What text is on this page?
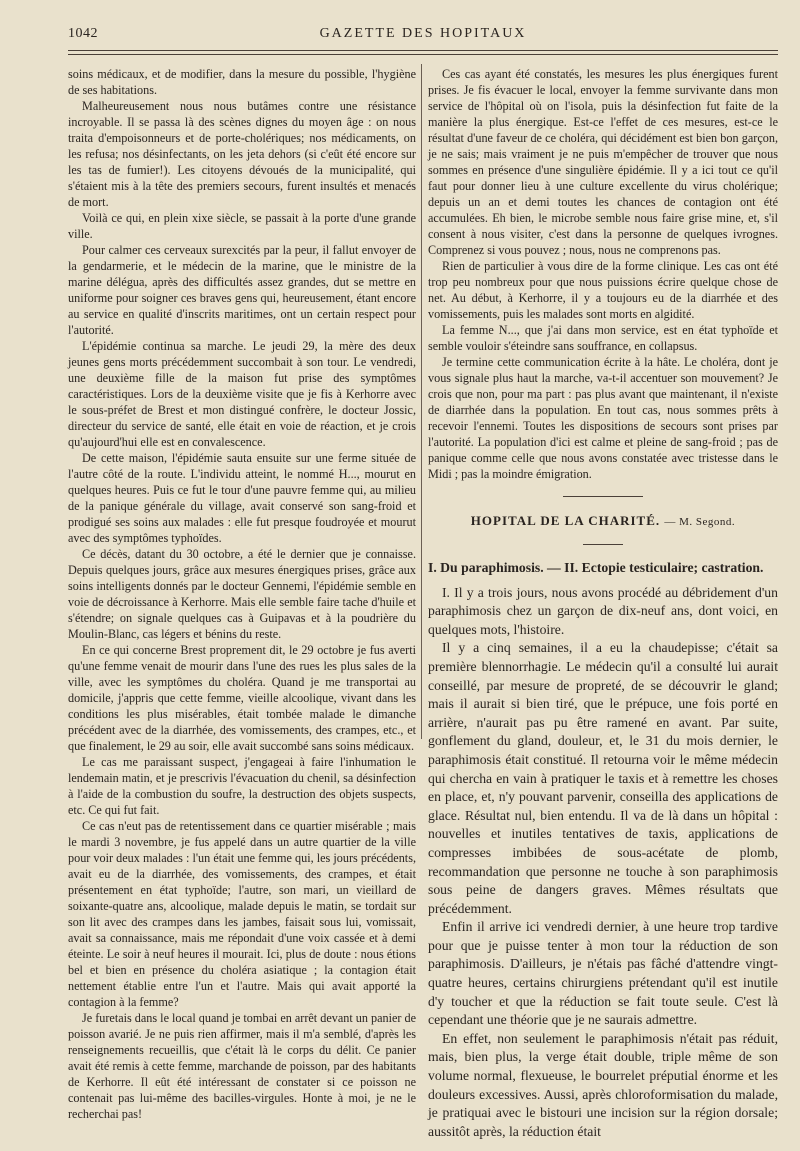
1042	GAZETTE DES HOPITAUX

soins médicaux, et de modifier, dans la mesure du possible, l'hygiène de ses habitations.

Malheureusement nous nous butâmes contre une résistance incroyable. Il se passa là des scènes dignes du moyen âge : on nous traita d'empoisonneurs et de porte-cholériques; nos médicaments, on les refusa; nos désinfectants, on les jeta dehors (si c'eût été encore sur les tas de fumier!). Les citoyens dévoués de la municipalité, qui s'étaient mis à la tête des premiers secours, furent insultés et menacés de mort.

Voilà ce qui, en plein xixe siècle, se passait à la porte d'une grande ville.

Pour calmer ces cerveaux surexcités par la peur, il fallut envoyer de la gendarmerie, et le médecin de la marine, que le ministre de la marine délégua, après des difficultés assez grandes, dut se mettre en uniforme pour soigner ces braves gens qui, heureusement, étant encore au service en qualité d'inscrits maritimes, ont un certain respect pour l'autorité.

L'épidémie continua sa marche. Le jeudi 29, la mère des deux jeunes gens morts précédemment succombait à son tour. Le vendredi, une deuxième fille de la maison fut prise des symptômes caractéristiques. Lors de la deuxième visite que je fis à Kerhorre avec le sous-préfet de Brest et mon distingué confrère, le docteur Jossic, directeur du service de santé, elle était en voie de réaction, et je crois qu'aujourd'hui elle est en convalescence.

De cette maison, l'épidémie sauta ensuite sur une ferme située de l'autre côté de la route. L'individu atteint, le nommé H..., mourut en quelques heures. Puis ce fut le tour d'une pauvre femme qui, au milieu de la panique générale du village, avait conservé son sang-froid et prodigué ses soins aux malades : elle fut presque foudroyée et mourut avec des symptômes typhoïdes.

Ce décès, datant du 30 octobre, a été le dernier que je connaisse. Depuis quelques jours, grâce aux mesures énergiques prises, grâce aux soins intelligents donnés par le docteur Gennemi, l'épidémie semble en voie de décroissance à Kerhorre. Mais elle semble faire tache d'huile et s'étendre; on signale quelques cas à Guipavas et à la poudrière du Moulin-Blanc, cas légers et bénins du reste.

En ce qui concerne Brest proprement dit, le 29 octobre je fus averti qu'une femme venait de mourir dans l'une des rues les plus sales de la ville, avec les symptômes du choléra. Quand je me transportai au domicile, j'appris que cette femme, vieille alcoolique, vivant dans les conditions les plus misérables, était tombée malade le dimanche précédent avec de la diarrhée, des vomissements, des crampes, etc., et que finalement, le 29 au soir, elle avait succombé sans soins médicaux.

Le cas me paraissant suspect, j'engageai à faire l'inhumation le lendemain matin, et je prescrivis l'évacuation du chenil, sa désinfection à l'aide de la combustion du soufre, la destruction des objets suspects, etc. Ce qui fut fait.

Ce cas n'eut pas de retentissement dans ce quartier misérable ; mais le mardi 3 novembre, je fus appelé dans un autre quartier de la ville pour voir deux malades : l'un était une femme qui, les jours précédents, avait eu de la diarrhée, des vomissements, des crampes, et était présentement en état typhoïde; l'autre, son mari, un vieillard de soixante-quatre ans, alcoolique, malade depuis le matin, se tordait sur son lit avec des crampes dans les jambes, faisait sous lui, vomissait, avait sa connaissance, mais me répondait d'une voix cassée et à demi éteinte. Le soir à neuf heures il mourait. Ici, plus de doute : nous étions bel et bien en présence du choléra asiatique ; la contagion était nettement établie entre l'un et l'autre. Mais qui avait apporté la contagion à la femme?

Je furetais dans le local quand je tombai en arrêt devant un panier de poisson avarié. Je ne puis rien affirmer, mais il m'a semblé, d'après les renseignements recueillis, que c'était là le corps du délit. Ce panier avait été remis à cette femme, marchande de poisson, par des habitants de Kerhorre. Il eût été intéressant de constater si ce poisson ne contenait pas lui-même des bacilles-virgules. Honte à moi, je ne le recherchai pas!

Ces cas ayant été constatés, les mesures les plus énergiques furent prises. Je fis évacuer le local, envoyer la femme survivante dans mon service de l'hôpital où on l'isola, puis la désinfection fut faite de la manière la plus énergique. Est-ce l'effet de ces mesures, est-ce le résultat d'une faveur de ce choléra, qui décidément est bien bon garçon, je ne sais; mais vraiment je ne puis m'empêcher de trouver que nous sommes en présence d'une singulière épidémie. Il y a ici tout ce qu'il faut pour donner lieu à une culture excellente du virus cholérique; depuis un an et demi toutes les chances de contagion ont été accumulées. Eh bien, le microbe semble nous faire grise mine, et, s'il consent à nous visiter, c'est dans la personne de quelques ivrognes. Comprenez si vous pouvez ; nous, nous ne comprenons pas.

Rien de particulier à vous dire de la forme clinique. Les cas ont été trop peu nombreux pour que nous puissions écrire quelque chose de net. Au début, à Kerhorre, il y a toujours eu de la diarrhée et des vomissements, puis les malades sont morts en algidité.

La femme N..., que j'ai dans mon service, est en état typhoïde et semble vouloir s'éteindre sans souffrance, en collapsus.

Je termine cette communication écrite à la hâte. Le choléra, dont je vous signale plus haut la marche, va-t-il accentuer son mouvement? Je crois que non, pour ma part : pas plus avant que maintenant, il n'existe de diarrhée dans la population. En tout cas, nous sommes prêts à recevoir l'ennemi. Toutes les dispositions de secours sont prises par l'autorité. La population d'ici est calme et pleine de sang-froid ; pas de panique comme celle que nous avons constatée avec tristesse dans le Midi ; pas la moindre émigration.

HOPITAL DE LA CHARITÉ. — M. Segond.

I. Du paraphimosis. — II. Ectopie testiculaire; castration.

I. Il y a trois jours, nous avons procédé au débridement d'un paraphimosis chez un garçon de dix-neuf ans, dont voici, en quelques mots, l'histoire.

Il y a cinq semaines, il a eu la chaudepisse; c'était sa première blennorrhagie. Le médecin qu'il a consulté lui aurait conseillé, par mesure de propreté, de se découvrir le gland; mais il aurait si bien tiré, que le prépuce, une fois porté en arrière, n'aurait pas pu être ramené en avant. Par suite, gonflement du gland, douleur, et, le 31 du mois dernier, le paraphimosis était constitué. Il retourna voir le même médecin qui chercha en vain à pratiquer le taxis et à remettre les choses en place, et, n'y pouvant parvenir, conseilla des applications de glace. Résultat nul, bien entendu. Il va de là dans un hôpital : nouvelles et inutiles tentatives de taxis, applications de compresses imbibées de sous-acétate de plomb, recommandation que personne ne touche à son paraphimosis sous peine de dangers graves. Mêmes résultats que précédemment.

Enfin il arrive ici vendredi dernier, à une heure trop tardive pour que je puisse tenter à mon tour la réduction de son paraphimosis. D'ailleurs, je n'étais pas fâché d'attendre vingt-quatre heures, certains chirurgiens prétendant qu'il est inutile d'y toucher et que la réduction se fait toute seule. C'est là cependant une théorie que je ne saurais admettre.

En effet, non seulement le paraphimosis n'était pas réduit, mais, bien plus, la verge était double, triple même de son volume normal, flexueuse, le bourrelet préputial énorme et les douleurs excessives. Aussi, après chloroformisation du malade, je pratiquai avec le bistouri une incision sur la région dorsale; aussitôt après, la réduction était
